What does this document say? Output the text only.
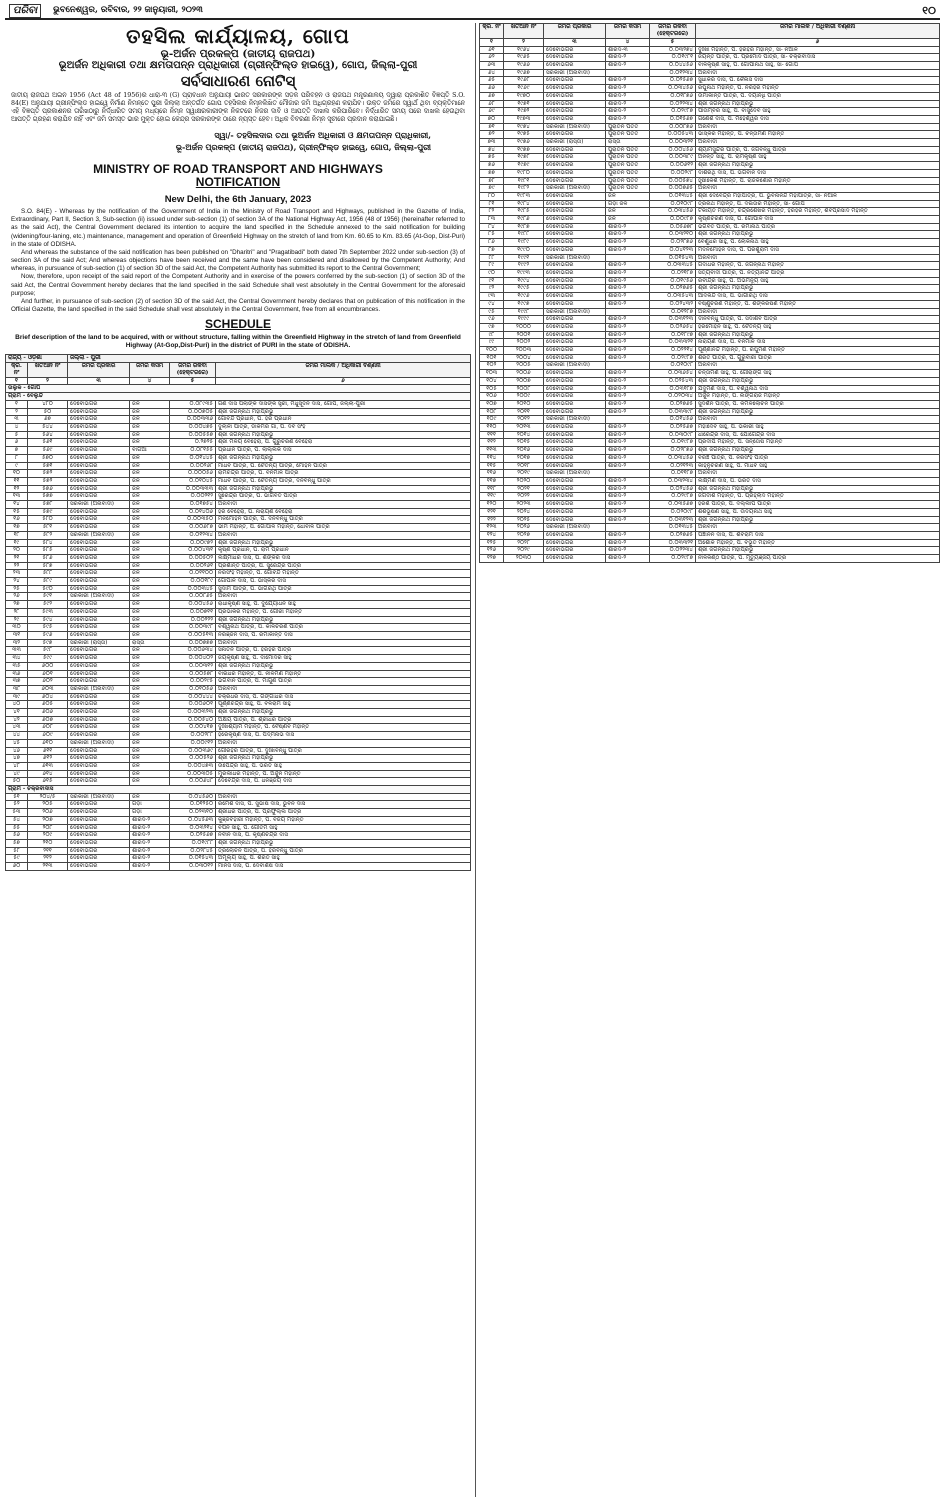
ପରିବା	ଭୁବନେଶ୍ୱର, ରବିବାର, ୨୨ ଜାନୁୟାରୀ, ୨୦୨୩	୧୦
ତହସିଲ କାର୍ଯ୍ୟାଳୟ, ଗୋପ
ଭୂ-ଅର୍ଜନ ପ୍ରକଳ୍ପ (ଜାତୀୟ ରାଜପଥ)
ଭୂଅର୍ଜନ ଅଧିକାରୀ ତଥା କ୍ଷମତାପନ୍ନ ପ୍ରାଧିକାରୀ (ଗ୍ରୀନ୍‌ଫିଲ୍ଡ ହାଇୱେ), ଗୋପ, ଜିଲ୍ଲା-ପୁରୀ
ସର୍ବସାଧାରଣ ନୋଟିସ୍
ଜାତୀୟ ରାଜପଥ ଅଇନ 1956 (Act 48 of 1956)ର ଧାରା-୩ (G) ପ୍ରାବଧାନ ଅନୁଯାୟୀ ଭାରତ ସରକାରଙ୍କ ସଡ଼କ ପରିବହନ ଓ ରାଜପଥ ମନ୍ତ୍ରଣାଳୟ ଦ୍ୱାରା ପ୍ରକାଶିତ ବିଜ୍ଞପ୍ତି S.O. 84(E) ଅନୁଯାୟୀ ଗ୍ରୀନ୍‌ଫିଲ୍ଡ ହାଇୱେ ନିର୍ମାଣ ନିମନ୍ତେ ପୁରୀ ଜିଲ୍ଲା ଅନ୍ତର୍ଗତ ଗୋପ ତହସିଲର ନିମ୍ନଲିଖିତ ମୌଜାର ଜମି ଅଧିଗ୍ରହଣ କରାଯିବ। ଉକ୍ତ ଜମିରେ ସ୍ୱାର୍ଥ ଥିବା ବ୍ୟକ୍ତିମାନେ ଏହି ବିଜ୍ଞପ୍ତି ପ୍ରକାଶନର ତାରିଖଠାରୁ ନିର୍ଦ୍ଧାରିତ ସମୟ ମଧ୍ୟରେ ନିମ୍ନ ସ୍ୱାକ୍ଷରକାରୀଙ୍କ ନିକଟରେ ନିଜର ଦାବି ଓ ଆପତ୍ତି ଦାଖଲ କରିପାରିବେ। ନିର୍ଦ୍ଧାରିତ ସମୟ ପରେ ଦାଖଲ ହେଉଥିବା ଆପତ୍ତି ଗ୍ରହଣ କରାଯିବ ନାହିଁ ଏବଂ ଜମି ସମସ୍ତ ଭାର ମୁକ୍ତ ହୋଇ କେନ୍ଦ୍ର ସରକାରଙ୍କ ଠାରେ ନ୍ୟସ୍ତ ହେବ। ଅଧିକ ବିବରଣୀ ନିମ୍ନ ସୂଚୀରେ ପ୍ରଦାନ କରାଯାଇଛି।
ସ୍ୱା/- ତହସିଲଦାର ତଥା ଭୂଅର୍ଜନ ଅଧିକାରୀ ଓ କ୍ଷମତାପନ୍ନ ପ୍ରାଧିକାରୀ,
ଭୂ-ଅର୍ଜନ ପ୍ରକଳ୍ପ (ଜାତୀୟ ରାଜପଥ), ଗ୍ରୀନ୍‌ଫିଲ୍ଡ ହାଇୱେ, ଗୋପ, ଜିଲ୍ଲା-ପୁରୀ
MINISTRY OF ROAD TRANSPORT AND HIGHWAYS
NOTIFICATION
New Delhi, the 6th January, 2023

S.O. 84(E) - Whereas by the notification of the Government of India in the Ministry of Road Transport and Highways, published in the Gazette of India, Extraordinary, Part II, Section 3, Sub-section (ii) issued under sub-section (1) of section 3A of the National Highway Act, 1956 (48 of 1956) (hereinafter referred to as the said Act), the Central Government declared its intention to acquire the land specified in the Schedule annexed to the said notification for building (widening/four-laning, etc.) maintenance, management and operation of Greenfield Highway on the stretch of land from Km. 60.65 to Km. 83.65 (At-Gop, Dist-Puri) in the state of ODISHA.

And whereas the substance of the said notification has been published on "Dharitri" and "Pragatibadi" both dated 7th September 2022 under sub-section (3) of section 3A of the said Act; And whereas objections have been received and the same have been considered and disallowed by the Competent Authority; And whereas, in pursuance of sub-section (1) of section 3D of the said Act, the Competent Authority has submitted its report to the Central Government;

Now, therefore, upon receipt of the said report of the Competent Authority and in exercise of the powers conferred by the sub-section (1) of section 3D of the said Act, the Central Government hereby declares that the land specified in the said Schedule shall vest absolutely in the Central Government for the aforesaid purpose;

And further, in pursuance of sub-section (2) of section 3D of the said Act, the Central Government hereby declares that on publication of this notification in the Official Gazette, the land specified in the said Schedule shall vest absolutely in the Central Government, free from all encumbrances.

SCHEDULE
Brief description of the land to be acquired, with or without structure, falling within the Greenfield Highway in the stretch of land from Greenfield Highway (At-Gop,Dist-Puri) in the district of PURI in the state of ODISHA.
ରାଜ୍ୟ - ଓଡ଼ିଶା		ଜିଲ୍ଲା - ପୁରୀ			
କ୍ର. ନଂ	ଖତିଆନ ନଂ	ଜମିର ପ୍ରକାର	ଜମିର କିସମ	ଜମିର ରକବା (ହେକ୍ଟରରେ)	ଜମିର ମାଲିକ / ଅଧିକାରୀ ବର୍ଣ୍ଣନା
୧	୨	୩	୪	୫	୬
ତାଲୁକ - ଗୋପ					
ଗ୍ରାମ - ବେଲୁନ୍ଦି					
୧	୪୮୦	ଦେବୋଭଗର	ଜଳ	୦.୦୮୯୩୫	ଗଣ ଦାସ ପଲାଙ୍କ ଦାସଙ୍କ ସ୍ତ୍ରୀ, ମଧୁସୂଦନ ଦାସ, ଗୋପ, ଜିଲ୍ଲା-ପୁରୀ
୨	୫୦	ଦେବୋଭଗର	ଜଳ	୦.୦୦୭୦୫	ଶ୍ରୀ ଜଗନ୍ନାଥ ମହାପ୍ରଭୁ
୩	୬୭	ଦେବୋଭଗର	ଜଳ	୦.୦୦୩୩୬	ଗୋବିନ୍ଦ ପ୍ରଧାନ, ପି. ହରି ପ୍ରଧାନ
୪	୫୪୪	ଦେବୋଭଗର	ଜଳ	୦.୦୦୪୭୫	ଦୁଲାଳୀ ପାତ୍ର, ଡାକମରି ଗାଁ, ପି. ଦିବ ସିଂହ
୫	୫୬୪	ଦେବୋଭଗର	ଜଳ	୦.୦୦୫୫୭	ଶ୍ରୀ ଜଗନ୍ନାଥ ମହାପ୍ରଭୁ
୬	୫୬୧	ଦେବୋଭଗର	ଜଳ	୦.୨୭୨୫	ଶ୍ରୀ ମଳୟ ବେହେରା, ପି. ଗୁରୁଚରଣ ବେହେରା
୭	୫୬୯	ଦେବୋଭଗର	ବାଗିଆ	୦.୦୮୧୫୫	ପ୍ରଧାନ ପାତ୍ର, ପି. ଲାଲ୍ଲିକ ଦାସ
୮	୫୭୦	ଦେବୋଭଗର	ଜଳ	୦.୦୧୪୪୫	ଶ୍ରୀ ଜଗନ୍ନାଥ ମହାପ୍ରଭୁ
୯	୫୭୧	ଦେବୋଭଗର	ଜଳ	୦.୦୦୨୬୮	ମାଧବ ପାତ୍ର, ପି. ଚୈତନ୍ୟ ପାତ୍ର, ମୋହନ ପାତ୍ର
୧୦	୫୭୨	ଦେବୋଭଗର	ଜଳ	୦.୦୦୦୫୬	ରାମଚନ୍ଦ୍ର ପାତ୍ର, ପି. ବନମାଳି ପାତ୍ର
୧୧	୫୭୨	ଦେବୋଭଗର	ଜଳ	୦.୦୧୦୪୫	ମାଧବ ପାତ୍ର, ପି. ଚୈତନ୍ୟ ପାତ୍ର, ଦିନବନ୍ଧୁ ପାତ୍ର
୧୨	୫୭୬	ଦେବୋଭଗର	ଜଳ	୦.୦୦୩୩୩	ଶ୍ରୀ ଜଗନ୍ନାଥ ମହାପ୍ରଭୁ
୧୩	୫୭୭	ଦେବୋଭଗର	ଜଳ	୦.୦୦୨୧୨	ସୁରେନ୍ଦ୍ର ପାତ୍ର, ପି. ଭାଗବତ ପାତ୍ର
୧୪	୫୭୮	ସରକାରୀ (ଅନାବାଦୀ)	ଜଳ	୦.୦୧୭୫୪	ଅନାବାଦୀ
୧୫	୫୭୯	ଦେବୋଭଗର	ଜଳ	୦.୦୧୪୦୬	ହରି ବେହେରା, ପି. ନାରାୟଣ ବେହେରା
୧୬	୫୮୦	ଦେବୋଭଗର	ଜଳ	୦.୦୦୩୫୦	ମନମୋହନ ପାତ୍ର, ପି. ଦିନବନ୍ଧୁ ପାତ୍ର
୧୭	୫୮୧	ଦେବୋଭଗର	ଜଳ	୦.୦୦୬୮୭	ଭୀମ ମହାନ୍ତି, ପି. ଗୋପାଳ ମହାନ୍ତି, ଧୋବାଳି ପାତ୍ର
୧୮	୫୮୨	ସରକାରୀ (ଅନାବାଦୀ)	ଜଳ	୦.୦୧୨୩୪	ଅନାବାଦୀ
୧୯	୫୮୪	ଦେବୋଭଗର	ଜଳ	୦.୦୦୯୭୨	ଶ୍ରୀ ଜଗନ୍ନାଥ ମହାପ୍ରଭୁ
୨୦	୫୮୫	ଦେବୋଭଗର	ଜଳ	୦.୦୦୪୩୧	କୃଷ୍ଣ ପ୍ରଧାନ, ପି. ରାମ ପ୍ରଧାନ
୨୧	୫୮୬	ଦେବୋଭଗର	ଜଳ	୦.୦୦୫୦୨	ଲକ୍ଷ୍ମୀଧର ଦାସ, ପି. ଶଙ୍କର ଦାସ
୨୨	୫୮୭	ଦେବୋଭଗର	ଜଳ	୦.୦୦୨୬୧	ପ୍ରଶାନ୍ତ ପାତ୍ର, ପି. ସୁରେନ୍ଦ୍ର ପାତ୍ର
୨୩	୫୮୮	ଦେବୋଭଗର	ଜଳ	୦.୦୧୧୦୦	ନରସିଂହ ମହାନ୍ତି, ପି. ଗୋବିନ୍ଦ ମହାନ୍ତି
୨୪	୫୮୯	ଦେବୋଭଗର	ଜଳ	୦.୦୦୧୮୯	ଗୋପାଳ ଦାସ, ପି. ଭାସ୍କର ଦାସ
୨୫	୫୯୦	ଦେବୋଭଗର	ଜଳ	୦.୦୦୩୪୫	ସୁଦାମ ପାତ୍ର, ପି. ଭାଗିରଥି ପାତ୍ର
୨୬	୫୯୧	ସରକାରୀ (ଅନାବାଦୀ)	ଜଳ	୦.୦୦୮୬୫	ଅନାବାଦୀ
୨୭	୫୯୨	ଦେବୋଭଗର	ଜଳ	୦.୦୦୪୫୬	ରାଧାକୃଷ୍ଣ ସାହୁ, ପି. ଦୁର୍ଯ୍ୟୋଧନ ସାହୁ
୨୮	୫୯୩	ଦେବୋଭଗର	ଜଳ	୦.୦୦୭୧୧	ପ୍ରଭାକର ମହାନ୍ତି, ପି. ଗୌରୀ ମହାନ୍ତି
୨୯	୫୯୪	ଦେବୋଭଗର	ଜଳ	୦.୦୦୨୨୨	ଶ୍ରୀ ଜଗନ୍ନାଥ ମହାପ୍ରଭୁ
୩୦	୫୯୫	ଦେବୋଭଗର	ଜଳ	୦.୦୦୩୯୮	ବିଶ୍ୱନାଥ ପାତ୍ର, ପି. କାଳିଚରଣ ପାତ୍ର
୩୧	୫୯୬	ଦେବୋଭଗର	ଜଳ	୦.୦୦୫୧୩	ନିରଞ୍ଜନ ଦାସ, ପି. ରମାକାନ୍ତ ଦାସ
୩୨	୫୯୭	ସରକାରୀ (ରାସ୍ତା)	ରାସ୍ତା	୦.୦୦୭୭୭	ଅନାବାଦୀ
୩୩	୫୯୮	ଦେବୋଭଗର	ଜଳ	୦.୦୦୬୩୪	ସନାତନ ପାତ୍ର, ପି. ହରିହର ପାତ୍ର
୩୪	୫୯୯	ଦେବୋଭଗର	ଜଳ	୦.୦୦୪୦୨	ଜୟକୃଷ୍ଣ ସାହୁ, ପି. ଦାମୋଦର ସାହୁ
୩୫	୬୦୦	ଦେବୋଭଗର	ଜଳ	୦.୦୦୩୧୨	ଶ୍ରୀ ଜଗନ୍ନାଥ ମହାପ୍ରଭୁ
୩୬	୬୦୧	ଦେବୋଭଗର	ଜଳ	୦.୦୦୫୭୮	ବାଇଧର ମହାନ୍ତି, ପି. ନୀଳମଣି ମହାନ୍ତି
୩୭	୬୦୨	ଦେବୋଭଗର	ଜଳ	୦.୦୦୨୯୫	ଭଗବାନ ପାତ୍ର, ପି. ମାଗୁଣି ପାତ୍ର
୩୮	୬୦୩	ସରକାରୀ (ଅନାବାଦୀ)	ଜଳ	୦.୦୧୦୫୬	ଅନାବାଦୀ
୩୯	୬୦୪	ଦେବୋଭଗର	ଜଳ	୦.୦୦୪୪୪	ଚକ୍ରଧର ଦାସ, ପି. ଗଙ୍ଗାଧର ଦାସ
୪୦	୬୦୫	ଦେବୋଭଗର	ଜଳ	୦.୦୦୬୦୧	ପୂର୍ଣ୍ଣଚନ୍ଦ୍ର ସାହୁ, ପି. ବଳରାମ ସାହୁ
୪୧	୬୦୬	ଦେବୋଭଗର	ଜଳ	୦.୦୦୩୨୩	ଶ୍ରୀ ଜଗନ୍ନାଥ ମହାପ୍ରଭୁ
୪୨	୬୦୭	ଦେବୋଭଗର	ଜଳ	୦.୦୦୫୪୦	ଅକ୍ଷୟ ପାତ୍ର, ପି. ଶ୍ରୀଧର ପାତ୍ର
୪୩	୬୦୮	ଦେବୋଭଗର	ଜଳ	୦.୦୦୪୧୭	ଦୁଃଖିଶ୍ୟାମ ମହାନ୍ତି, ପି. ବୈଷ୍ଣବ ମହାନ୍ତି
୪୪	୬୦୯	ଦେବୋଭଗର	ଜଳ	୦.୦୦୨୮୮	ହରେକୃଷ୍ଣ ଦାସ, ପି. ପଦ୍ମନାଭ ଦାସ
୪୫	୬୧୦	ସରକାରୀ (ଅନାବାଦୀ)	ଜଳ	୦.୦୦୯୧୨	ଅନାବାଦୀ
୪୬	୬୧୧	ଦେବୋଭଗର	ଜଳ	୦.୦୦୩୬୯	ଗୌରହରି ପାତ୍ର, ପି. ଦୁଃଖବନ୍ଧୁ ପାତ୍ର
୪୭	୬୧୨	ଦେବୋଭଗର	ଜଳ	୦.୦୦୫୨୬	ଶ୍ରୀ ଜଗନ୍ନାଥ ମହାପ୍ରଭୁ
୪୮	୬୧୩	ଦେବୋଭଗର	ଜଳ	୦.୦୦୪୭୩	ଉପେନ୍ଦ୍ର ସାହୁ, ପି. ଭରତ ସାହୁ
୪୯	୬୧୪	ଦେବୋଭଗର	ଜଳ	୦.୦୦୩୦୫	ମୁରଲୀଧର ମହାନ୍ତି, ପି. ଅର୍ଜୁନ ମହାନ୍ତି
୫୦	୬୧୫	ଦେବୋଭଗର	ଜଳ	୦.୦୦୬୪୮	ଦେବେନ୍ଦ୍ର ଦାସ, ପି. ଧନଞ୍ଜୟ ଦାସ
ଗ୍ରାମ - ଚକ୍ରବାଦାସ					
୫୧	୨୦୪/୫	ସରକାରୀ (ଅନାବାଦୀ)	ଜଳ	୦.୦୪୫୬୦	ଅନାବାଦୀ
୫୨	୨୦୫	ଦେବୋଭଗର	ଗଡ଼ା	୦.୦୧୨୫୦	ରମେଶ ଦାସ, ପି. ସୁଭାଷ ଦାସ, ଭୁବନ ଦାସ
୫୩	୨୦୬	ଦେବୋଭଗର	ଗଡ଼ା	୦.୦୨୩୧୦	ଶ୍ରୀଧର ପାତ୍ର, ପି. ପ୍ରଫୁଲ୍ଲ ପାତ୍ର
୫୪	୨୦୭	ଦେବୋଭଗର	ଶାରଦ-୨	୦.୦୪୫୬୩	କୁଞ୍ଜବିହାରୀ ମହାନ୍ତି, ପି. ବିଜୟ ମହାନ୍ତି
୫୫	୨୦୮	ଦେବୋଭଗର	ଶାରଦ-୨	୦.୦୩୨୧୪	ବିପିନ ସାହୁ, ପି. ଗୌତମ ସାହୁ
୫୬	୨୦୯	ଦେବୋଭଗର	ଶାରଦ-୨	୦.୦୨୫୬୭	ନବୀନ ଦାସ, ପି. କୃଷ୍ଣଚନ୍ଦ୍ର ଦାସ
୫୭	୨୧୦	ଦେବୋଭଗର	ଶାରଦ-୨	୦.୦୧୯୮୮	ଶ୍ରୀ ଜଗନ୍ନାଥ ମହାପ୍ରଭୁ
୫୮	୨୧୧	ଦେବୋଭଗର	ଶାରଦ-୨	୦.୦୨୮୪୫	ତ୍ରିଲୋଚନ ପାତ୍ର, ପି. ହରିବନ୍ଧୁ ପାତ୍ର
୫୯	୨୧୨	ଦେବୋଭଗର	ଶାରଦ-୨	୦.୦୧୫୪୩	ଅମୂଲ୍ୟ ସାହୁ, ପି. ଶରତ ସାହୁ
୬୦	୨୧୩	ଦେବୋଭଗର	ଶାରଦ-୨	୦.୦୩୦୧୨	ମାନସ ଦାସ, ପି. ଦେବାଶିଷ ଦାସ
କ୍ର. ନଂ	ଖତିଆନ ନଂ	ଜମିର ପ୍ରକାର	ଜମିର କିସମ	ଜମିର ରକବା (ହେକ୍ଟରରେ)	ଜମିର ମାଲିକ / ଅଧିକାରୀ ବର୍ଣ୍ଣନା
୧	୨	୩	୪	୫	୬
୬୧	୧୯୬୪	ଦେବୋଭଗର	ଶାରଦ-୩	୦.୦୩୨୭୪	ଦୁଃଖୀ ମହାନ୍ତି, ପି. ହରିହର ମହାନ୍ତି, ସା- ନିଆଳି
୬୨	୧୯୬୫	ଦେବୋଭଗର	ଶାରଦ-୨	୦.୦୧୯୮୧	ଜୟନ୍ତ ପାତ୍ର, ପି. ପ୍ରମୋଦ ପାତ୍ର, ସା- ଚକ୍ରବାଦାସ
୬୩	୧୯୬୬	ଦେବୋଭଗର	ଶାରଦ-୨	୦.୦୪୪୫୬	ବାଳକୃଷ୍ଣ ସାହୁ, ପି. ଗୋପୀନାଥ ସାହୁ, ସା- ଗୋପ
୬୪	୧୯୬୭	ସରକାରୀ (ଅନାବାଦୀ)		୦.୦୧୨୩୪	ଅନାବାଦୀ
୬୫	୧୯୬୮	ଦେବୋଭଗର	ଶାରଦ-୨	୦.୦୨୫୬୭	ସୁଧାକର ଦାସ, ପି. କୈଳାସ ଦାସ
୬୬	୧୯୬୯	ଦେବୋଭଗର	ଶାରଦ-୨	୦.୦୩୪୫୬	ରଘୁନାଥ ମହାନ୍ତି, ପି. ନରହରି ମହାନ୍ତି
୬୭	୧୯୭୦	ଦେବୋଭଗର	ଶାରଦ-୨	୦.୦୧୮୭୬	ଉମାକାନ୍ତ ପାତ୍ର, ପି. ଦୟାନିଧି ପାତ୍ର
୬୮	୧୯୭୧	ଦେବୋଭଗର	ଶାରଦ-୨	୦.୦୨୨୩୪	ଶ୍ରୀ ଜଗନ୍ନାଥ ମହାପ୍ରଭୁ
୬୯	୧୯୭୨	ଦେବୋଭଗର	ଶାରଦ-୨	୦.୦୨୯୮୭	ପୀତାମ୍ବର ସାହୁ, ପି. ବାସୁଦେବ ସାହୁ
୭୦	୧୯୭୩	ଦେବୋଭଗର	ଶାରଦ-୨	୦.୦୧୫୬୭	ଗଣେଶ ଦାସ, ପି. ମହେଶ୍ୱର ଦାସ
୭୧	୧୯୭୪	ସରକାରୀ (ଅନାବାଦୀ)	ପୁରାତନ ପତିତ	୦.୦୦୮୭୬	ଅନାବାଦୀ
୭୨	୧୯୭୫	ଦେବୋଭଗର	ପୁରାତନ ପତିତ	୦.୦୦୫୪୩	ଭାସ୍କର ମହାନ୍ତି, ପି. ଚିନ୍ତାମଣି ମହାନ୍ତି
୭୩	୧୯୭୬	ସରକାରୀ (ରାସ୍ତା)	ରାସ୍ତା	୦.୦୦୩୨୧	ଅନାବାଦୀ
୭୪	୧୯୭୭	ଦେବୋଭଗର	ପୁରାତନ ପତିତ	୦.୦୦୪୫୬	ଶ୍ୟାମସୁନ୍ଦର ପାତ୍ର, ପି. ଜଗବନ୍ଧୁ ପାତ୍ର
୭୫	୧୯୭୮	ଦେବୋଭଗର	ପୁରାତନ ପତିତ	୦.୦୦୩୮୯	ଅନନ୍ତ ସାହୁ, ପି. ରାମକୃଷ୍ଣ ସାହୁ
୭୬	୧୯୭୯	ଦେବୋଭଗର	ପୁରାତନ ପତିତ	୦.୦୦୬୧୨	ଶ୍ରୀ ଜଗନ୍ନାଥ ମହାପ୍ରଭୁ
୭୭	୧୯୮୦	ଦେବୋଭଗର	ପୁରାତନ ପତିତ	୦.୦୦୨୯୮	ଦାଶରଥି ଦାସ, ପି. ଭଗବାନ ଦାସ
୭୮	୧୯୮୧	ଦେବୋଭଗର	ପୁରାତନ ପତିତ	୦.୦୦୫୭୪	ହୃଷୀକେଶ ମହାନ୍ତି, ପି. ରାଜକିଶୋର ମହାନ୍ତି
୭୯	୧୯୮୨	ସରକାରୀ (ଅନାବାଦୀ)	ପୁରାତନ ପତିତ	୦.୦୦୭୬୫	ଅନାବାଦୀ
୮୦	୧୯୮୩	ଦେବୋଭଗର	ଜଳ	୦.୦୧୩୪୫	ଶ୍ରୀ ଦେବେନ୍ଦ୍ର ମହାପାତ୍ର, ପି. ଭୁବନାନନ୍ଦ ମହାପାତ୍ର, ସା- ନିଆଳି
୮୧	୧୯୮୪	ଦେବୋଭଗର	ଗଡ଼ା ଜଳ	୦.୦୧୦୯୮	ତ୍ରିନାଥ ମହାନ୍ତି, ପି. ଦଇତାରି ମହାନ୍ତି, ସା- ଗୋପ
୮୨	୧୯୮୫	ଦେବୋଭଗର	ଜଳ	୦.୦୩୪୫୬	ଟିକାୟତ ମହାନ୍ତି, ଚନ୍ଦ୍ରଶେଖର ମହାନ୍ତି, ହରିହର ମହାନ୍ତି, ଶିବପ୍ରସାଦ ମହାନ୍ତି
୮୩	୧୯୮୬	ଦେବୋଭଗର	ଜଳ	୦.୦୦୯୮୭	କୃଷ୍ଣଚରଣ ଦାସ, ପି. ଗୋପାଳ ଦାସ
୮୪	୧୯୮୭	ଦେବୋଭଗର	ଶାରଦ-୨	୦.୦୫୬୭୮	ଭଗବତ ପାତ୍ର, ପି. ରମାନାଥ ପାତ୍ର
୮୫	୧୯୮୮	ଦେବୋଭଗର	ଶାରଦ-୨	୦.୦୩୨୧୦	ଶ୍ରୀ ଜଗନ୍ନାଥ ମହାପ୍ରଭୁ
୮୬	୧୯୮୯	ଦେବୋଭଗର	ଶାରଦ-୨	୦.୦୨୮୭୬	ବେଣୁଧର ସାହୁ, ପି. ଲୋକନାଥ ସାହୁ
୮୭	୧୯୯୦	ଦେବୋଭଗର	ଶାରଦ-୨	୦.୦୪୧୨୩	ମଦନମୋହନ ଦାସ, ପି. ପରଶୁରାମ ଦାସ
୮୮	୧୯୯୧	ସରକାରୀ (ଅନାବାଦୀ)		୦.୦୧୫୪୩	ଅନାବାଦୀ
୮୯	୧୯୯୨	ଦେବୋଭଗର	ଶାରଦ-୨	୦.୦୩୩୪୫	ଗଦାଧର ମହାନ୍ତି, ପି. ଜଗନ୍ନାଥ ମହାନ୍ତି
୯୦	୧୯୯୩	ଦେବୋଭଗର	ଶାରଦ-୨	୦.୦୨୧୮୭	ସତ୍ୟବାଦୀ ପାତ୍ର, ପି. ନିତ୍ୟାନନ୍ଦ ପାତ୍ର
୯୧	୧୯୯୪	ଦେବୋଭଗର	ଶାରଦ-୨	୦.୦୧୯୫୬	ରବୀନ୍ଦ୍ର ସାହୁ, ପି. ଅଭିମନ୍ୟୁ ସାହୁ
୯୨	୧୯୯୫	ଦେବୋଭଗର	ଶାରଦ-୨	୦.୦୨୭୬୫	ଶ୍ରୀ ଜଗନ୍ନାଥ ମହାପ୍ରଭୁ
୯୩	୧୯୯୬	ଦେବୋଭଗର	ଶାରଦ-୨	୦.୦୩୫୪୩	ଆଦିକନ୍ଦ ଦାସ, ପି. ଭାଗୀରଥି ଦାସ
୯୪	୧୯୯୭	ଦେବୋଭଗର	ଶାରଦ-୨	୦.୦୨୪୩୨	ବିଷ୍ଣୁଚରଣ ମହାନ୍ତି, ପି. ଶଙ୍କରଷଣ ମହାନ୍ତି
୯୫	୧୯୯୮	ସରକାରୀ (ଅନାବାଦୀ)		୦.୦୧୨୮୭	ଅନାବାଦୀ
୯୬	୧୯୯୯	ଦେବୋଭଗର	ଶାରଦ-୨	୦.୦୩୧୨୩	ଦୀନବନ୍ଧୁ ପାତ୍ର, ପି. ସଦାଶିବ ପାତ୍ର
୯୭	୨୦୦୦	ଦେବୋଭଗର	ଶାରଦ-୨	୦.୦୨୬୫୪	ହରମୋହନ ସାହୁ, ପି. ଚୈତନ୍ୟ ସାହୁ
୯୮	୨୦୦୧	ଦେବୋଭଗର	ଶାରଦ-୨	୦.୦୧୮୯୭	ଶ୍ରୀ ଜଗନ୍ନାଥ ମହାପ୍ରଭୁ
୯୯	୨୦୦୨	ଦେବୋଭଗର	ଶାରଦ-୨	୦.୦୩୩୨୧	ନାରାୟଣ ଦାସ, ପି. ବନମାଳି ଦାସ
୧୦୦	୨୦୦୩	ଦେବୋଭଗର	ଶାରଦ-୨	୦.୦୨୨୧୪	ପୂର୍ଣ୍ଣାନନ୍ଦ ମହାନ୍ତି, ପି. ରଘୁମଣି ମହାନ୍ତି
୧୦୧	୨୦୦୪	ଦେବୋଭଗର	ଶାରଦ-୨	୦.୦୨୯୮୭	ଶରତ ପାତ୍ର, ପି. ଗୁରୁବାରୀ ପାତ୍ର
୧୦୨	୨୦୦୫	ସରକାରୀ (ଅନାବାଦୀ)		୦.୦୧୦୯୮	ଅନାବାଦୀ
୧୦୩	୨୦୦୬	ଦେବୋଭଗର	ଶାରଦ-୨	୦.୦୩୬୫୪	ଚିନ୍ତାମଣି ସାହୁ, ପି. ଗୌରାଙ୍ଗ ସାହୁ
୧୦୪	୨୦୦୭	ଦେବୋଭଗର	ଶାରଦ-୨	୦.୦୨୫୪୩	ଶ୍ରୀ ଜଗନ୍ନାଥ ମହାପ୍ରଭୁ
୧୦୫	୨୦୦୮	ଦେବୋଭଗର	ଶାରଦ-୨	୦.୦୩୧୮୭	ଯଦୁମଣି ଦାସ, ପି. ବିଶ୍ୱନାଥ ଦାସ
୧୦୬	୨୦୦୯	ଦେବୋଭଗର	ଶାରଦ-୨	୦.୦୨୦୩୪	ଅର୍ଜୁନ ମହାନ୍ତି, ପି. ଲିଙ୍ଗରାଜ ମହାନ୍ତି
୧୦୭	୨୦୧୦	ଦେବୋଭଗର	ଶାରଦ-୨	୦.୦୨୭୬୫	ସୁଦର୍ଶନ ପାତ୍ର, ପି. କମଳଲୋଚନ ପାତ୍ର
୧୦୮	୨୦୧୧	ଦେବୋଭଗର	ଶାରଦ-୨	୦.୦୩୩୯୮	ଶ୍ରୀ ଜଗନ୍ନାଥ ମହାପ୍ରଭୁ
୧୦୯	୨୦୧୨	ସରକାରୀ (ଅନାବାଦୀ)		୦.୦୧୪୫୬	ଅନାବାଦୀ
୧୧୦	୨୦୧୩	ଦେବୋଭଗର	ଶାରଦ-୨	୦.୦୨୫୬୭	ମହାଦେବ ସାହୁ, ପି. ଭିକାରୀ ସାହୁ
୧୧୧	୨୦୧୪	ଦେବୋଭଗର	ଶାରଦ-୨	୦.୦୩୦୯୮	ଧୀରେନ୍ଦ୍ର ଦାସ, ପି. ଯୋଗେନ୍ଦ୍ର ଦାସ
୧୧୨	୨୦୧୫	ଦେବୋଭଗର	ଶାରଦ-୨	୦.୦୧୯୮୭	ପ୍ରଦୀପ ମହାନ୍ତି, ପି. ସନ୍ତୋଷ ମହାନ୍ତି
୧୧୩	୨୦୧୬	ଦେବୋଭଗର	ଶାରଦ-୨	୦.୦୨୮୭୬	ଶ୍ରୀ ଜଗନ୍ନାଥ ମହାପ୍ରଭୁ
୧୧୪	୨୦୧୭	ଦେବୋଭଗର	ଶାରଦ-୨	୦.୦୩୪୫୬	ବିରଞ୍ଚି ପାତ୍ର, ପି. ନରସିଂହ ପାତ୍ର
୧୧୫	୨୦୧୮	ଦେବୋଭଗର	ଶାରଦ-୨	୦.୦୨୧୨୩	କାହ୍ନୁଚରଣ ସାହୁ, ପି. ମାଧବ ସାହୁ
୧୧୬	୨୦୧୯	ସରକାରୀ (ଅନାବାଦୀ)		୦.୦୧୧୮୭	ଅନାବାଦୀ
୧୧୭	୨୦୨୦	ଦେବୋଭଗର	ଶାରଦ-୨	୦.୦୩୨୩୪	ଲକ୍ଷ୍ମଣ ଦାସ, ପି. ଭରତ ଦାସ
୧୧୮	୨୦୨୧	ଦେବୋଭଗର	ଶାରଦ-୨	୦.୦୨୪୫୬	ଶ୍ରୀ ଜଗନ୍ନାଥ ମହାପ୍ରଭୁ
୧୧୯	୨୦୨୨	ଦେବୋଭଗର	ଶାରଦ-୨	୦.୦୨୯୮୭	ଜଗଦୀଶ ମହାନ୍ତି, ପି. ପ୍ରହ୍ଲାଦ ମହାନ୍ତି
୧୨୦	୨୦୨୩	ଦେବୋଭଗର	ଶାରଦ-୨	୦.୦୩୫୬୭	ହରିଶ ପାତ୍ର, ପି. ଦିଲ୍ଲୀପ ପାତ୍ର
୧୨୧	୨୦୨୪	ଦେବୋଭଗର	ଶାରଦ-୨	୦.୦୨୦୯୮	ଶଶିଭୂଷଣ ସାହୁ, ପି. ଉଦୟନାଥ ସାହୁ
୧୨୨	୨୦୨୫	ଦେବୋଭଗର	ଶାରଦ-୨	୦.୦୩୧୨୩	ଶ୍ରୀ ଜଗନ୍ନାଥ ମହାପ୍ରଭୁ
୧୨୩	୨୦୨୬	ସରକାରୀ (ଅନାବାଦୀ)		୦.୦୧୩୪୫	ଅନାବାଦୀ
୧୨୪	୨୦୨୭	ଦେବୋଭଗର	ଶାରଦ-୨	୦.୦୨୭୬୫	ପଞ୍ଚାନନ ଦାସ, ପି. ଶିବରାମ ଦାସ
୧୨୫	୨୦୨୮	ଦେବୋଭଗର	ଶାରଦ-୨	୦.୦୩୩୨୧	ଅଶୋକ ମହାନ୍ତି, ପି. ବିଭୂତି ମହାନ୍ତି
୧୨୬	୨୦୨୯	ଦେବୋଭଗର	ଶାରଦ-୨	୦.୦୨୨୩୪	ଶ୍ରୀ ଜଗନ୍ନାଥ ମହାପ୍ରଭୁ
୧୨୭	୨୦୩୦	ଦେବୋଭଗର	ଶାରଦ-୨	୦.୦୨୯୮୭	ନୀଳକଣ୍ଠ ପାତ୍ର, ପି. ମୃତ୍ୟୁଞ୍ଜୟ ପାତ୍ର
